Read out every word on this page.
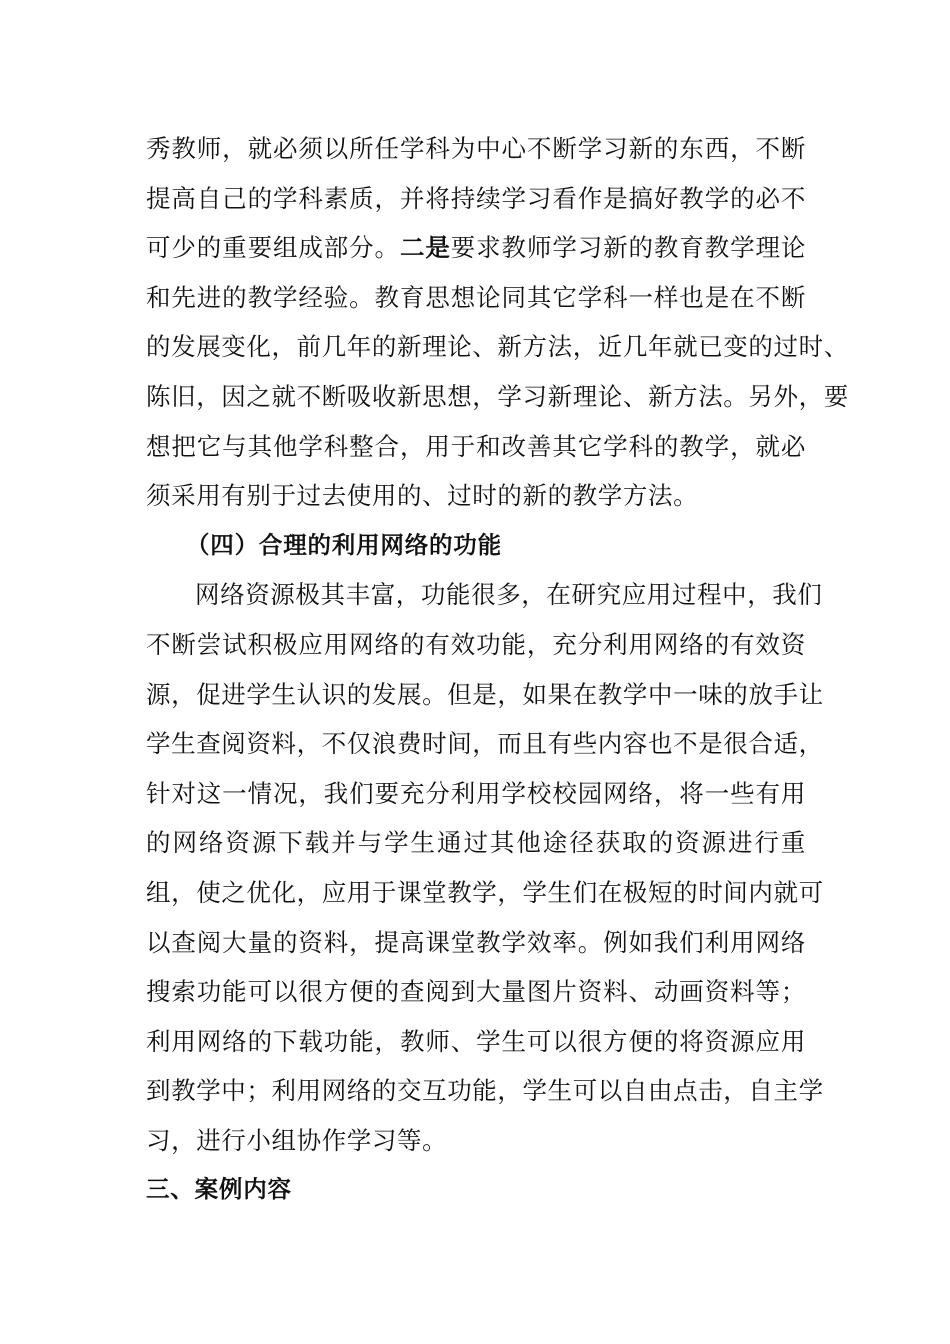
秀教师，就必须以所任学科为中心不断学习新的东西，不断
提高自己的学科素质，并将持续学习看作是搞好教学的必不
可少的重要组成部分。二是要求教师学习新的教育教学理论
和先进的教学经验。教育思想论同其它学科一样也是在不断
的发展变化，前几年的新理论、新方法，近几年就已变的过时、
陈旧，因之就不断吸收新思想，学习新理论、新方法。另外，要
想把它与其他学科整合，用于和改善其它学科的教学，就必
须采用有别于过去使用的、过时的新的教学方法。
（四）合理的利用网络的功能
网络资源极其丰富，功能很多，在研究应用过程中，我们
不断尝试积极应用网络的有效功能，充分利用网络的有效资
源，促进学生认识的发展。但是，如果在教学中一味的放手让
学生查阅资料，不仅浪费时间，而且有些内容也不是很合适，
针对这一情况，我们要充分利用学校校园网络，将一些有用
的网络资源下载并与学生通过其他途径获取的资源进行重
组，使之优化，应用于课堂教学，学生们在极短的时间内就可
以查阅大量的资料，提高课堂教学效率。例如我们利用网络
搜索功能可以很方便的查阅到大量图片资料、动画资料等；
利用网络的下载功能，教师、学生可以很方便的将资源应用
到教学中；利用网络的交互功能，学生可以自由点击，自主学
习，进行小组协作学习等。
三、案例内容
